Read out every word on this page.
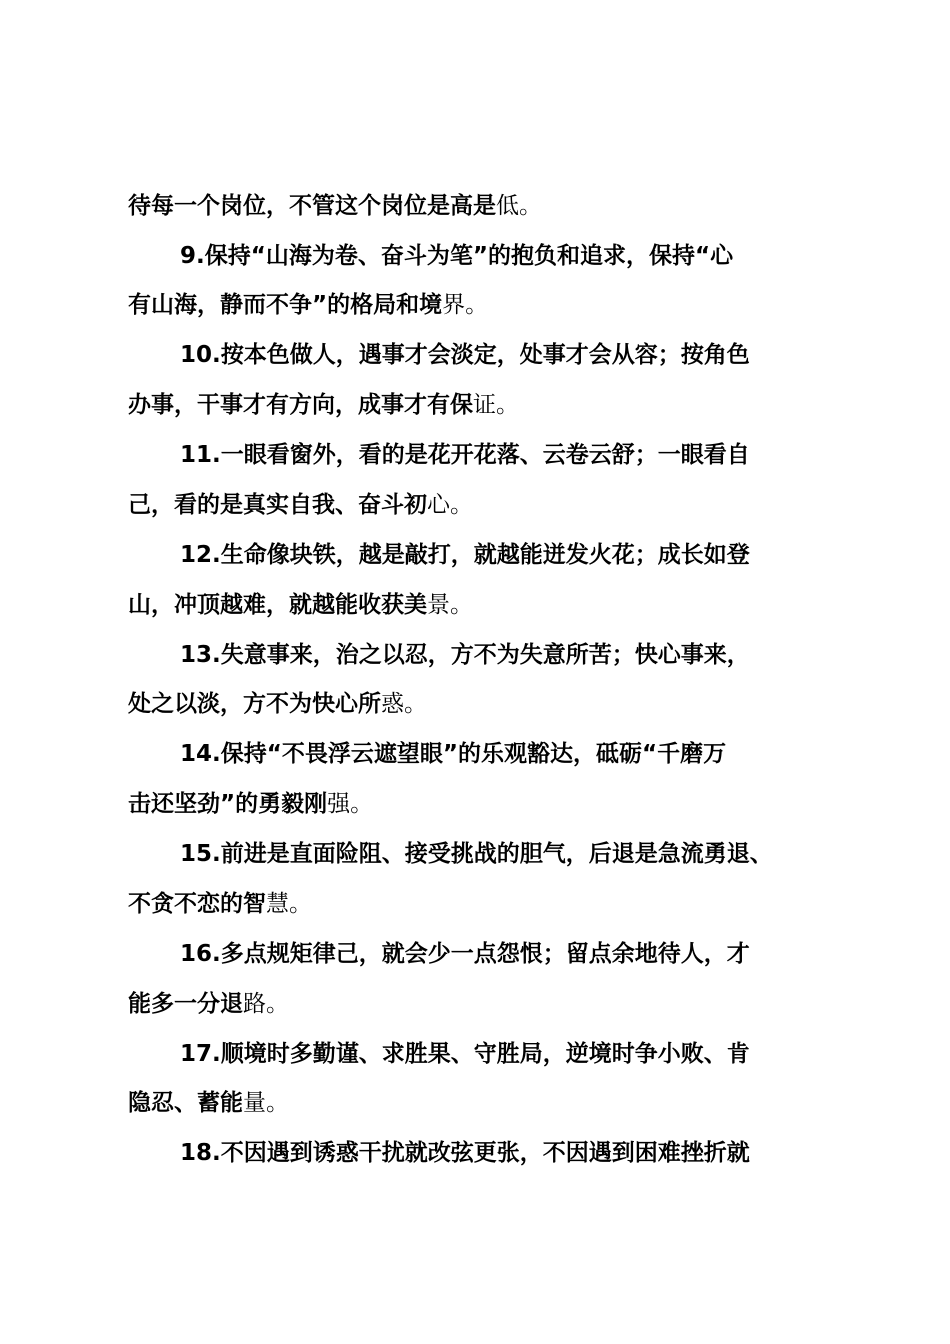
待每一个岗位，不管这个岗位是高是低。
9.保持“山海为卷、奋斗为笔”的抱负和追求，保持“心
有山海，静而不争”的格局和境界。
10.按本色做人，遇事才会淡定，处事才会从容；按角色
办事，干事才有方向，成事才有保证。
11.一眼看窗外，看的是花开花落、云卷云舒；一眼看自
己，看的是真实自我、奋斗初心。
12.生命像块铁，越是敲打，就越能迸发火花；成长如登
山，冲顶越难，就越能收获美景。
13.失意事来，治之以忍，方不为失意所苦；快心事来，
处之以淡，方不为快心所惑。
14.保持“不畏浮云遮望眼”的乐观豁达，砥砺“千磨万
击还坚劲”的勇毅刚强。
15.前进是直面险阻、接受挑战的胆气，后退是急流勇退、
不贪不恋的智慧。
16.多点规矩律己，就会少一点怨恨；留点余地待人，才
能多一分退路。
17.顺境时多勤谨、求胜果、守胜局，逆境时争小败、肯
隐忍、蓄能量。
18.不因遇到诱惑干扰就改弦更张，不因遇到困难挫折就
